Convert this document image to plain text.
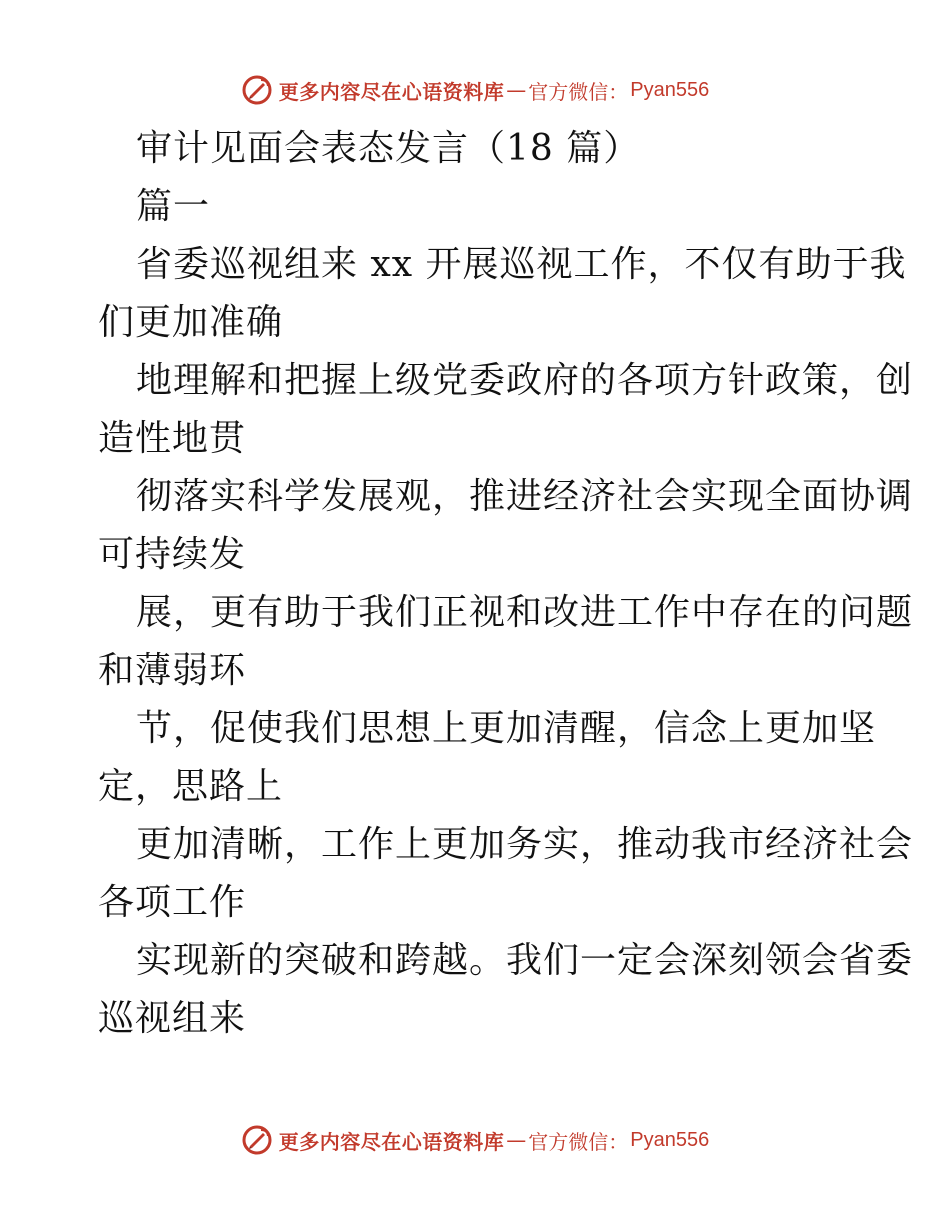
更多内容尽在心语资料库 — 官方微信： Pyan556
审计见面会表态发言（18 篇）
篇一
省委巡视组来 xx 开展巡视工作，不仅有助于我
们更加准确
地理解和把握上级党委政府的各项方针政策，创
造性地贯
彻落实科学发展观，推进经济社会实现全面协调
可持续发
展，更有助于我们正视和改进工作中存在的问题
和薄弱环
节，促使我们思想上更加清醒，信念上更加坚
定，思路上
更加清晰，工作上更加务实，推动我市经济社会
各项工作
实现新的突破和跨越。我们一定会深刻领会省委
巡视组来
更多内容尽在心语资料库 — 官方微信： Pyan556
